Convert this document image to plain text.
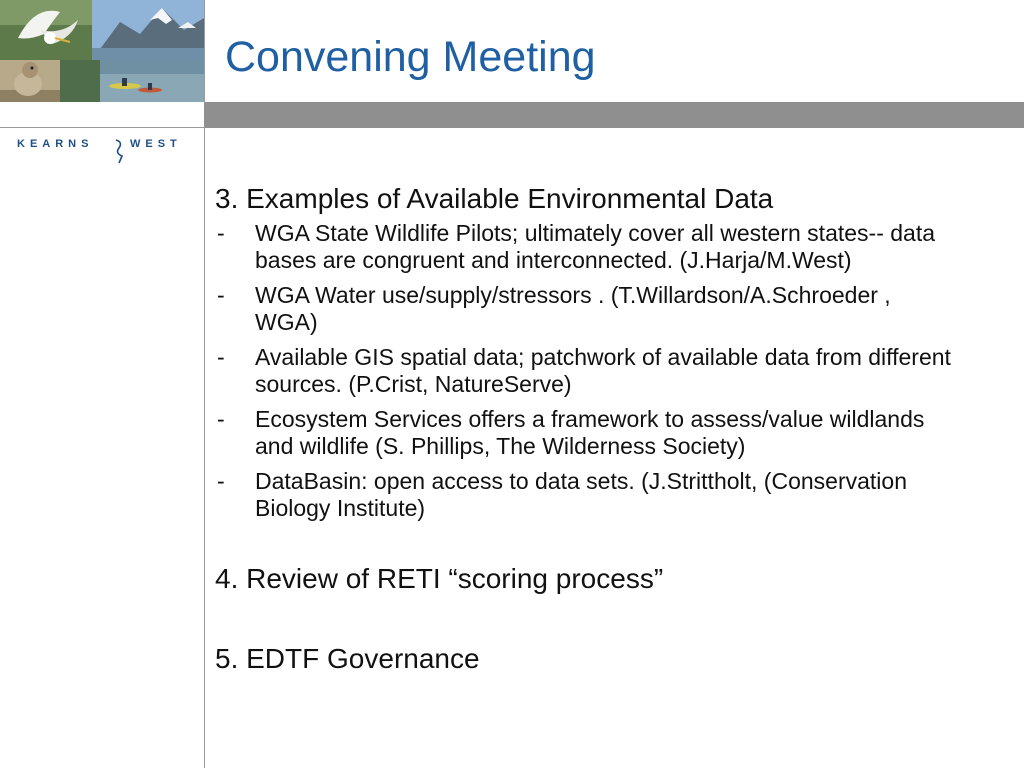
Convening Meeting
KEARNS	WEST

3. Examples of Available Environmental Data

- WGA State Wildlife Pilots; ultimately cover all western states-- data bases are congruent and interconnected. (J.Harja/M.West)
- WGA Water use/supply/stressors . (T.Willardson/A.Schroeder , WGA)
- Available GIS spatial data; patchwork of available data from different sources. (P.Crist, NatureServe)
- Ecosystem Services offers a framework to assess/value wildlands and wildlife (S. Phillips, The Wilderness Society)
- DataBasin: open access to data sets. (J.Strittholt, (Conservation Biology Institute)

4. Review of RETI “scoring process”

5. EDTF Governance
